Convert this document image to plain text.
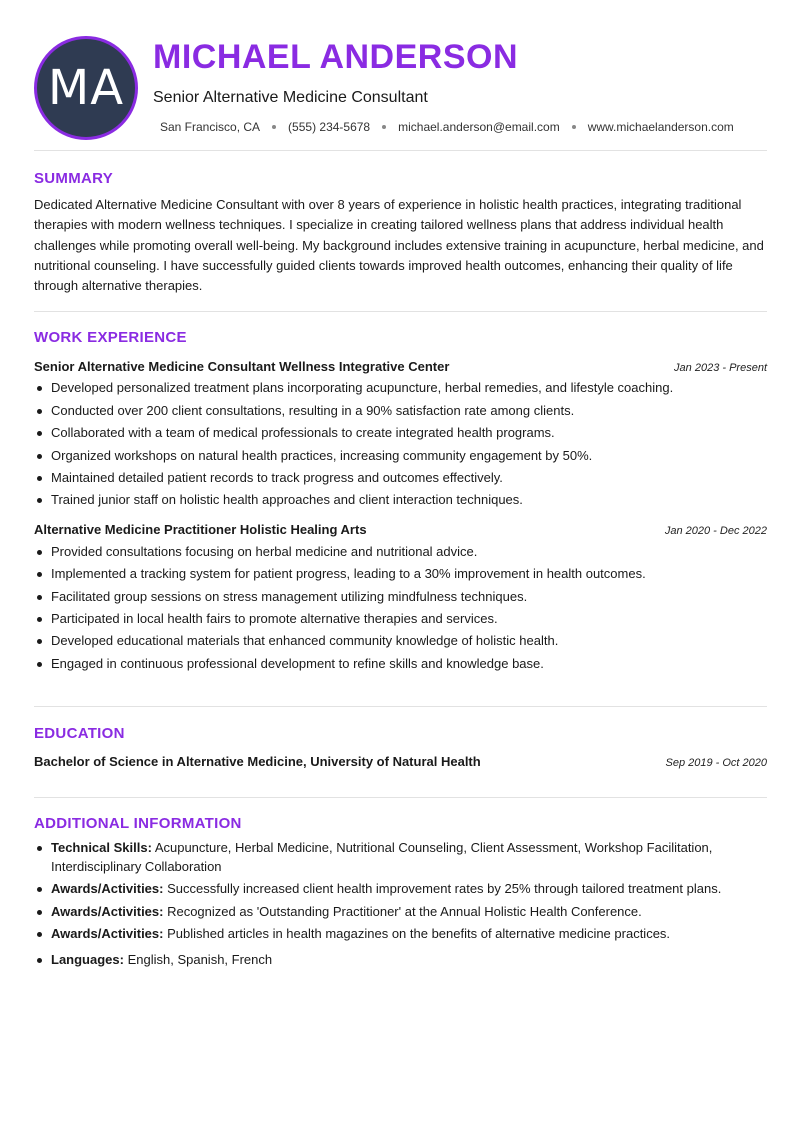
MA
MICHAEL ANDERSON
Senior Alternative Medicine Consultant
San Francisco, CA (555) 234-5678 michael.anderson@email.com www.michaelanderson.com
SUMMARY
Dedicated Alternative Medicine Consultant with over 8 years of experience in holistic health practices, integrating traditional therapies with modern wellness techniques. I specialize in creating tailored wellness plans that address individual health challenges while promoting overall well-being. My background includes extensive training in acupuncture, herbal medicine, and nutritional counseling. I have successfully guided clients towards improved health outcomes, enhancing their quality of life through alternative therapies.
WORK EXPERIENCE
Senior Alternative Medicine Consultant Wellness Integrative Center	Jan 2023 - Present
Developed personalized treatment plans incorporating acupuncture, herbal remedies, and lifestyle coaching.
Conducted over 200 client consultations, resulting in a 90% satisfaction rate among clients.
Collaborated with a team of medical professionals to create integrated health programs.
Organized workshops on natural health practices, increasing community engagement by 50%.
Maintained detailed patient records to track progress and outcomes effectively.
Trained junior staff on holistic health approaches and client interaction techniques.
Alternative Medicine Practitioner Holistic Healing Arts	Jan 2020 - Dec 2022
Provided consultations focusing on herbal medicine and nutritional advice.
Implemented a tracking system for patient progress, leading to a 30% improvement in health outcomes.
Facilitated group sessions on stress management utilizing mindfulness techniques.
Participated in local health fairs to promote alternative therapies and services.
Developed educational materials that enhanced community knowledge of holistic health.
Engaged in continuous professional development to refine skills and knowledge base.
EDUCATION
Bachelor of Science in Alternative Medicine, University of Natural Health	Sep 2019 - Oct 2020
ADDITIONAL INFORMATION
Technical Skills: Acupuncture, Herbal Medicine, Nutritional Counseling, Client Assessment, Workshop Facilitation, Interdisciplinary Collaboration
Awards/Activities: Successfully increased client health improvement rates by 25% through tailored treatment plans.
Awards/Activities: Recognized as 'Outstanding Practitioner' at the Annual Holistic Health Conference.
Awards/Activities: Published articles in health magazines on the benefits of alternative medicine practices.
Languages: English, Spanish, French
